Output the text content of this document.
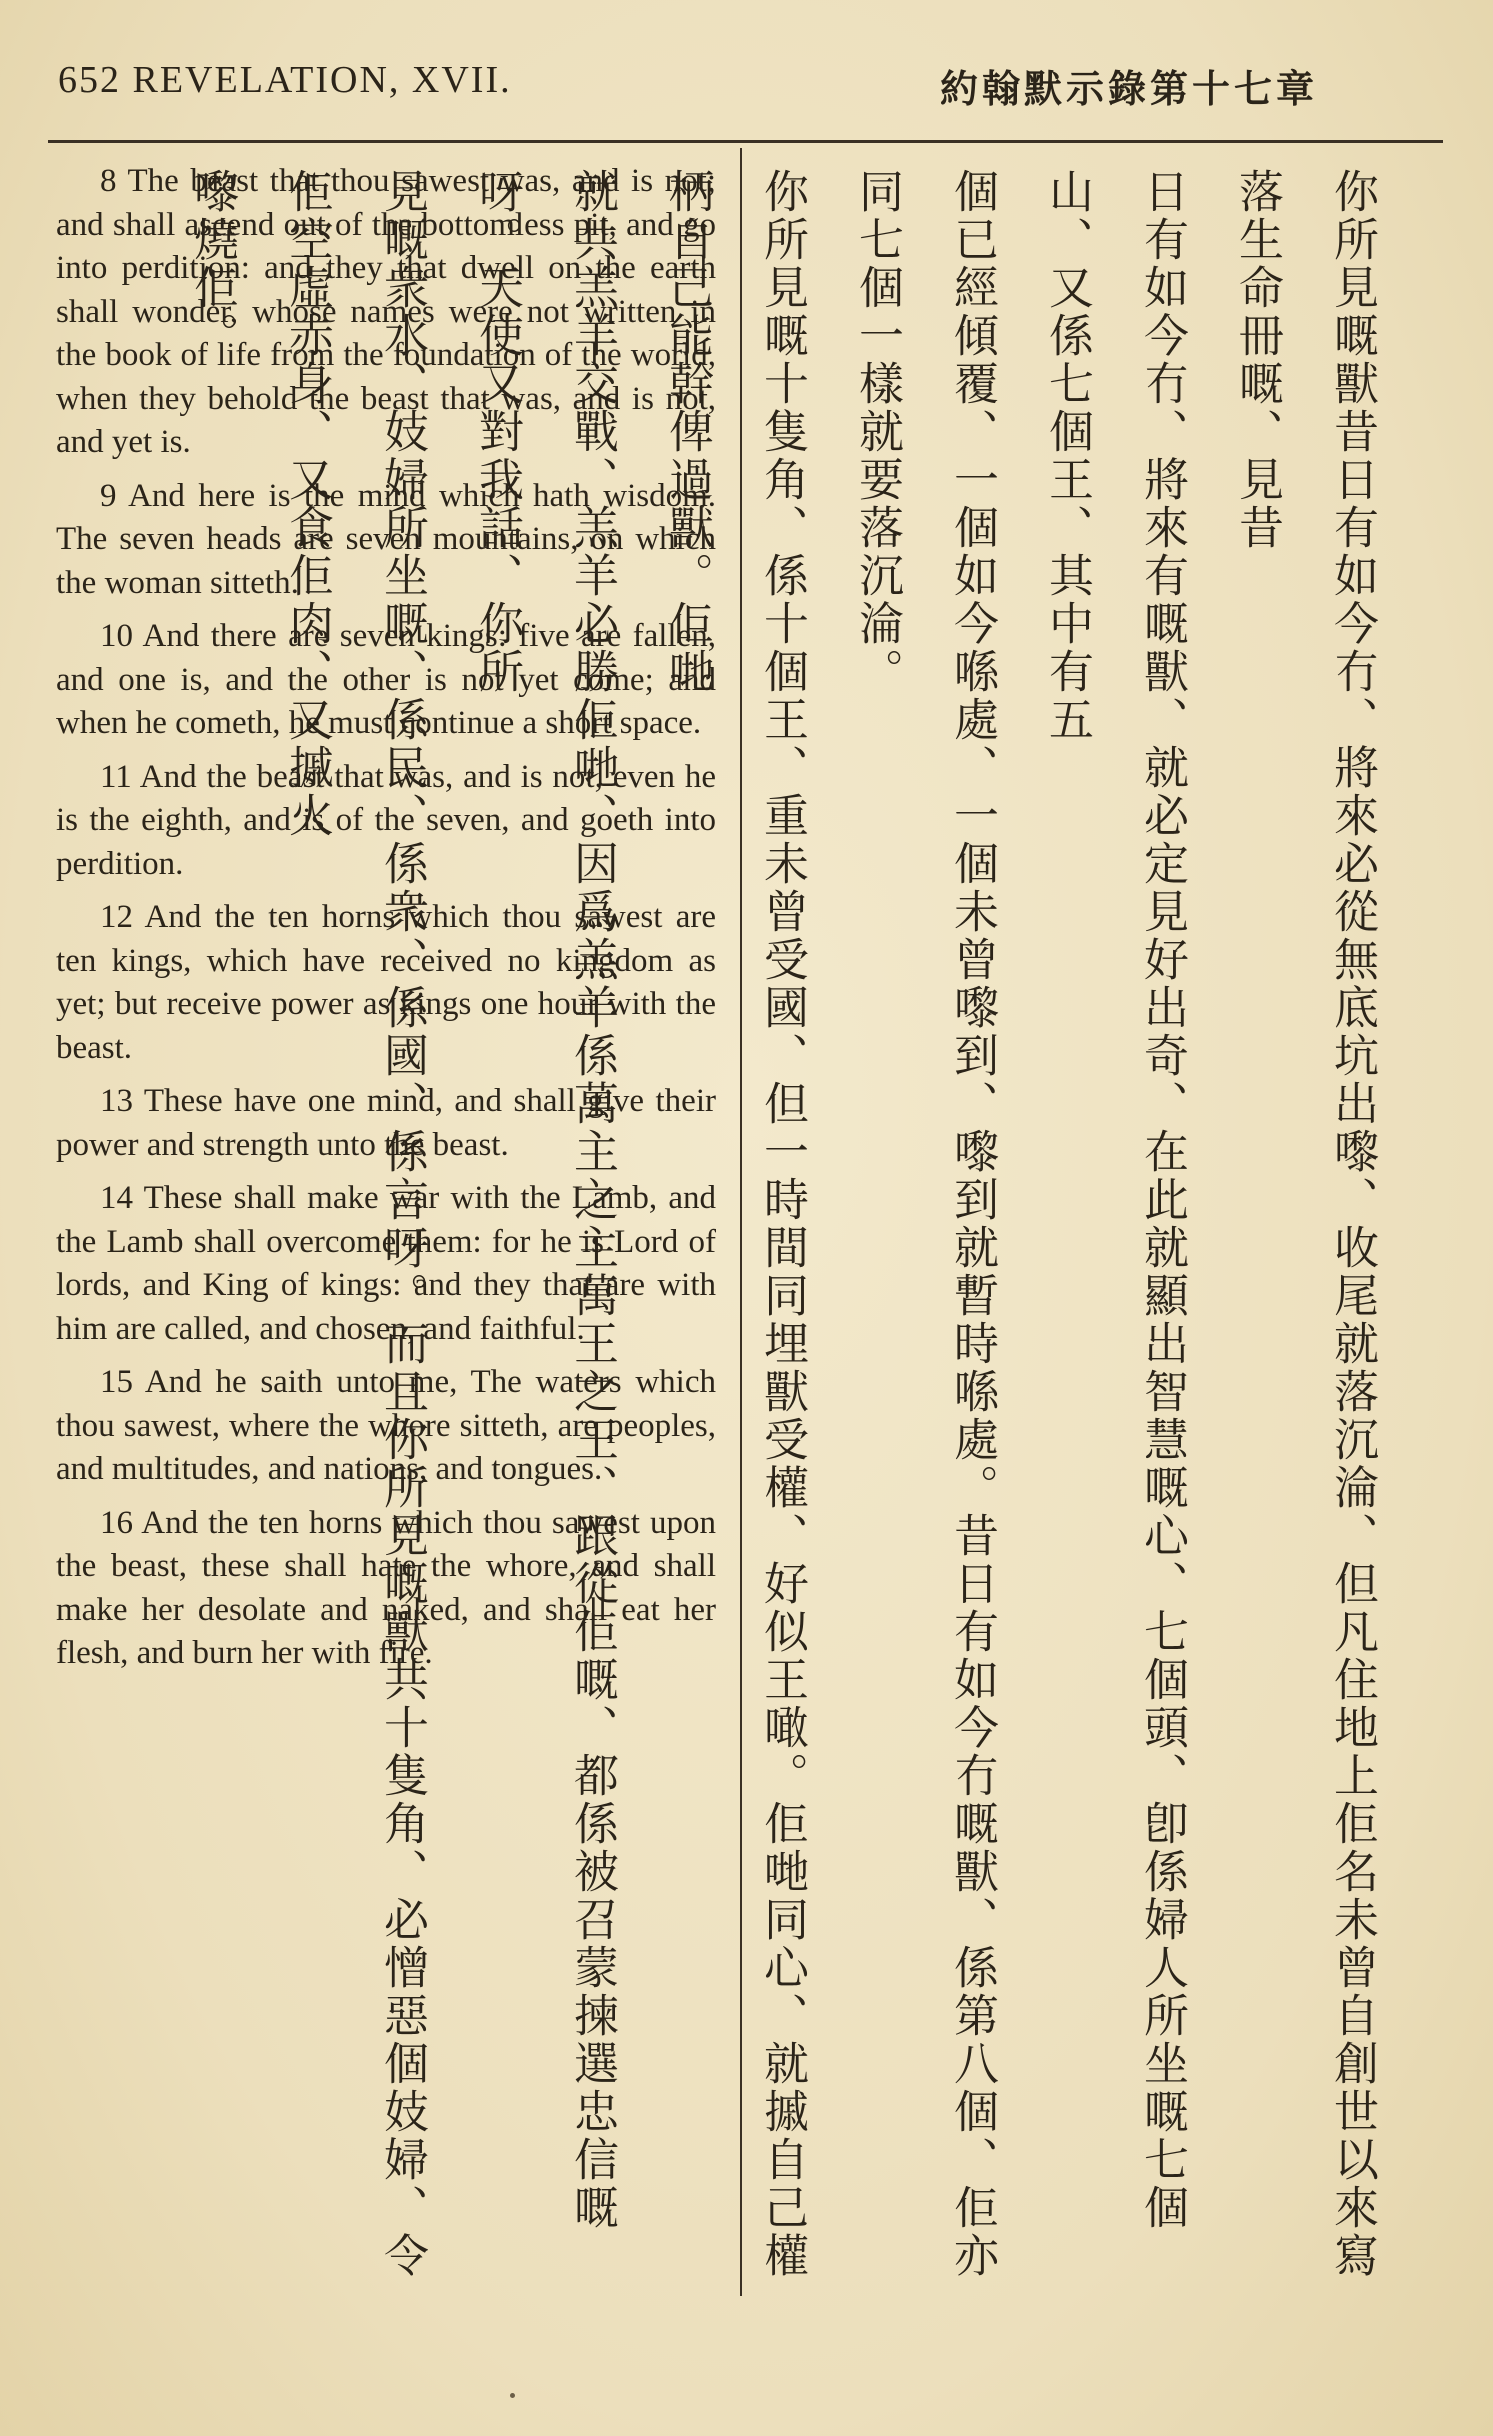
652 REVELATION, XVII.	約翰默示錄第十七章

8 The beast that thou sawest was, and is not; and shall ascend out of the bottomless pit, and go into perdition: and they that dwell on the earth shall wonder, whose names were not written in the book of life from the foundation of the world, when they behold the beast that was, and is not, and yet is.

9 And here is the mind which hath wisdom. The seven heads are seven mountains, on which the woman sitteth.

10 And there are seven kings: five are fallen, and one is, and the other is not yet come; and when he cometh, he must continue a short space.

11 And the beast that was, and is not, even he is the eighth, and is of the seven, and goeth into perdition.

12 And the ten horns which thou sawest are ten kings, which have received no kingdom as yet; but receive power as kings one hour with the beast.

13 These have one mind, and shall give their power and strength unto the beast.

14 These shall make war with the Lamb, and the Lamb shall overcome them: for he is Lord of lords, and King of kings: and they that are with him are called, and chosen, and faithful.

15 And he saith unto me, The waters which thou sawest, where the whore sitteth, are peoples, and multitudes, and nations, and tongues.

16 And the ten horns which thou sawest upon the beast, these shall hate the whore, and shall make her desolate and naked, and shall eat her flesh, and burn her with fire.	你所見嘅獸昔日有如今冇、將來必從無底坑出嚟、收尾就落沉淪、但凡住地上佢名未曾自創世以來寫落生命冊嘅、見昔
日有如今冇、將來有嘅獸、就必定見好出奇、在此就顯出智慧嘅心、七個頭、卽係婦人所坐嘅七個山、又係七個王、其中有五
個已經傾覆、一個如今喺處、一個未曾嚟到、嚟到就暫時喺處。昔日有如今冇嘅獸、係第八個、佢亦同七個一樣就要落沉淪。
你所見嘅十隻角、係十個王、重未曾受國、但一時間同埋獸受權、好似王噉。佢哋同心、就摵自己權柄自己能幹俾過獸。佢哋
就共羔羊交戰、羔羊必勝佢哋、因爲羔羊係萬主之主萬王之王、跟從佢嘅、都係被召蒙揀選忠信嘅呀。天使又對我話、你所
見嘅衆水、妓婦所坐嘅、係民、係衆、係國、係言呀。而且你所見嘅獸共十隻角、必憎惡個妓婦、令佢空虛赤身、又食佢肉、又摵火
嚟燒佢。
